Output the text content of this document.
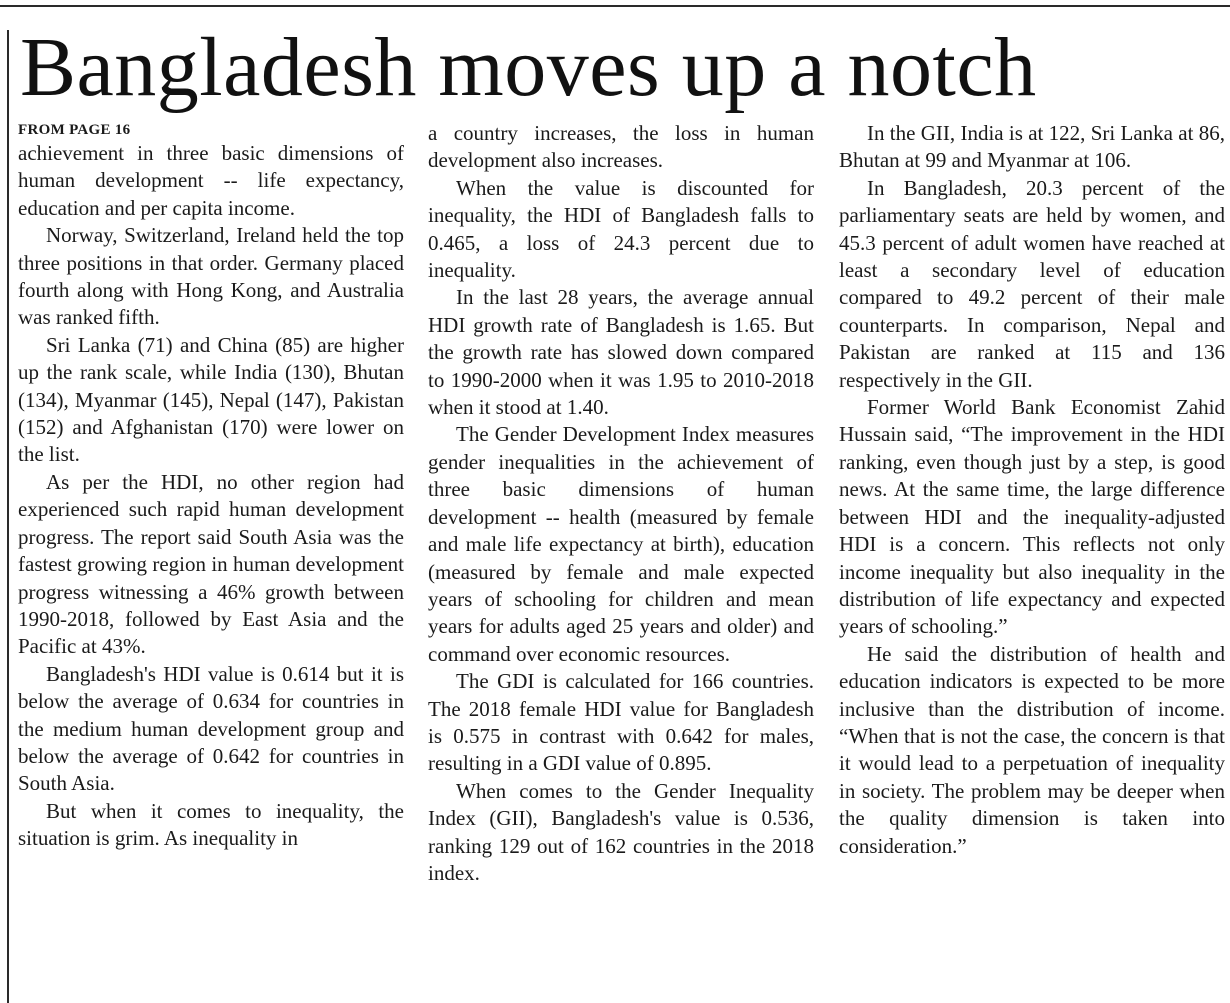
Bangladesh moves up a notch

FROM PAGE 16

achievement in three basic dimensions of human development -- life expectancy, education and per capita income.

Norway, Switzerland, Ireland held the top three positions in that order. Germany placed fourth along with Hong Kong, and Australia was ranked fifth.

Sri Lanka (71) and China (85) are higher up the rank scale, while India (130), Bhutan (134), Myanmar (145), Nepal (147), Pakistan (152) and Afghanistan (170) were lower on the list.

As per the HDI, no other region had experienced such rapid human development progress. The report said South Asia was the fastest growing region in human development progress witnessing a 46% growth between 1990-2018, followed by East Asia and the Pacific at 43%.

Bangladesh's HDI value is 0.614 but it is below the average of 0.634 for countries in the medium human development group and below the average of 0.642 for countries in South Asia.

But when it comes to inequality, the situation is grim. As inequality in

a country increases, the loss in human development also increases.

When the value is discounted for inequality, the HDI of Bangladesh falls to 0.465, a loss of 24.3 percent due to inequality.

In the last 28 years, the average annual HDI growth rate of Bangladesh is 1.65. But the growth rate has slowed down compared to 1990-2000 when it was 1.95 to 2010-2018 when it stood at 1.40.

The Gender Development Index measures gender inequalities in the achievement of three basic dimensions of human development -- health (measured by female and male life expectancy at birth), education (measured by female and male expected years of schooling for children and mean years for adults aged 25 years and older) and command over economic resources.

The GDI is calculated for 166 countries. The 2018 female HDI value for Bangladesh is 0.575 in contrast with 0.642 for males, resulting in a GDI value of 0.895.

When comes to the Gender Inequality Index (GII), Bangladesh's value is 0.536, ranking 129 out of 162 countries in the 2018 index.

In the GII, India is at 122, Sri Lanka at 86, Bhutan at 99 and Myanmar at 106.

In Bangladesh, 20.3 percent of the parliamentary seats are held by women, and 45.3 percent of adult women have reached at least a secondary level of education compared to 49.2 percent of their male counterparts. In comparison, Nepal and Pakistan are ranked at 115 and 136 respectively in the GII.

Former World Bank Economist Zahid Hussain said, “The improvement in the HDI ranking, even though just by a step, is good news. At the same time, the large difference between HDI and the inequality-adjusted HDI is a concern. This reflects not only income inequality but also inequality in the distribution of life expectancy and expected years of schooling.”

He said the distribution of health and education indicators is expected to be more inclusive than the distribution of income. “When that is not the case, the concern is that it would lead to a perpetuation of inequality in society. The problem may be deeper when the quality dimension is taken into consideration.”
